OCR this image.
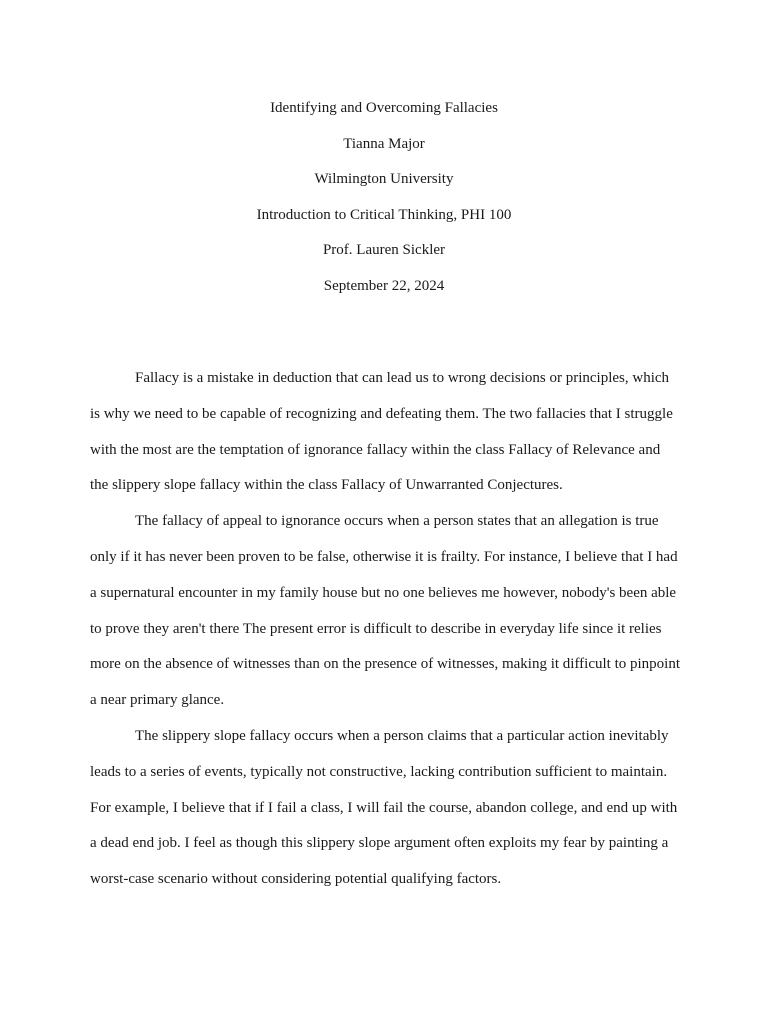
Identifying and Overcoming Fallacies

Tianna Major

Wilmington University

Introduction to Critical Thinking, PHI 100

Prof. Lauren Sickler

September 22, 2024

Fallacy is a mistake in deduction that can lead us to wrong decisions or principles, which is why we need to be capable of recognizing and defeating them. The two fallacies that I struggle with the most are the temptation of ignorance fallacy within the class Fallacy of Relevance and the slippery slope fallacy within the class Fallacy of Unwarranted Conjectures.

The fallacy of appeal to ignorance occurs when a person states that an allegation is true only if it has never been proven to be false, otherwise it is frailty. For instance, I believe that I had a supernatural encounter in my family house but no one believes me however, nobody's been able to prove they aren't there The present error is difficult to describe in everyday life since it relies more on the absence of witnesses than on the presence of witnesses, making it difficult to pinpoint a near primary glance.

The slippery slope fallacy occurs when a person claims that a particular action inevitably leads to a series of events, typically not constructive, lacking contribution sufficient to maintain. For example, I believe that if I fail a class, I will fail the course, abandon college, and end up with a dead end job. I feel as though this slippery slope argument often exploits my fear by painting a worst-case scenario without considering potential qualifying factors.
